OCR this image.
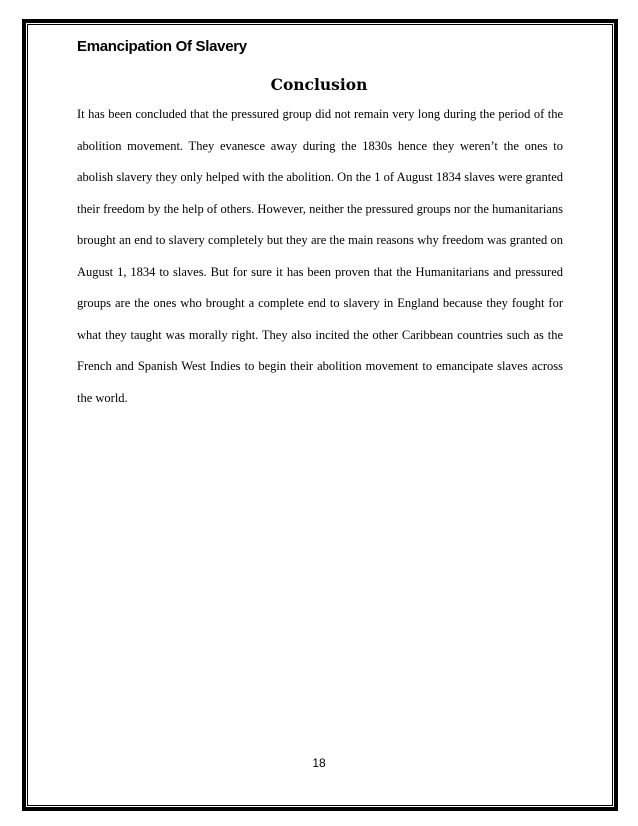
Emancipation Of Slavery
Conclusion

It has been concluded that the pressured group did not remain very long during the period of the abolition movement. They evanesce away during the 1830s hence they weren’t the ones to abolish slavery they only helped with the abolition. On the 1 of August 1834 slaves were granted their freedom by the help of others. However, neither the pressured groups nor the humanitarians brought an end to slavery completely but they are the main reasons why freedom was granted on August 1, 1834 to slaves. But for sure it has been proven that the Humanitarians and pressured groups are the ones who brought a complete end to slavery in England because they fought for what they taught was morally right. They also incited the other Caribbean countries such as the French and Spanish West Indies to begin their abolition movement to emancipate slaves across the world.

18
